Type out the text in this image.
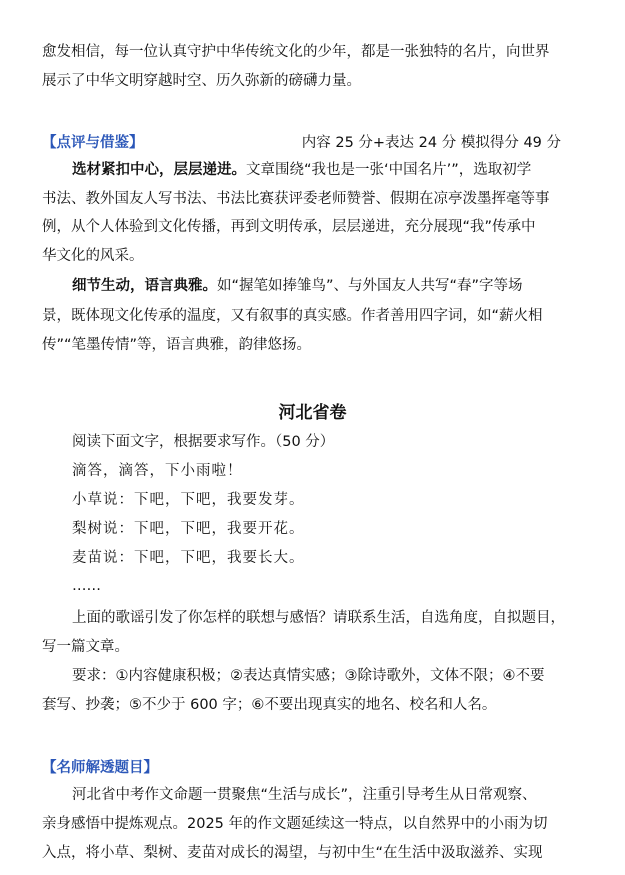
愈发相信，每一位认真守护中华传统文化的少年，都是一张独特的名片，向世界
展示了中华文明穿越时空、历久弥新的磅礴力量。
【点评与借鉴】	内容 25 分+表达 24 分 模拟得分 49 分
选材紧扣中心，层层递进。文章围绕“我也是一张‘中国名片’”，选取初学
书法、教外国友人写书法、书法比赛获评委老师赞誉、假期在凉亭泼墨挥毫等事
例，从个人体验到文化传播，再到文明传承，层层递进，充分展现“我”传承中
华文化的风采。
细节生动，语言典雅。如“握笔如捧雏鸟”、与外国友人共写“春”字等场
景，既体现文化传承的温度，又有叙事的真实感。作者善用四字词，如“薪火相
传”“笔墨传情”等，语言典雅，韵律悠扬。
河北省卷
阅读下面文字，根据要求写作。（50 分）
滴答，滴答，下小雨啦！
小草说：下吧，下吧，我要发芽。
梨树说：下吧，下吧，我要开花。
麦苗说：下吧，下吧，我要长大。
……
上面的歌谣引发了你怎样的联想与感悟？请联系生活，自选角度，自拟题目，
写一篇文章。
要求：①内容健康积极；②表达真情实感；③除诗歌外，文体不限；④不要
套写、抄袭；⑤不少于 600 字；⑥不要出现真实的地名、校名和人名。
【名师解透题目】
河北省中考作文命题一贯聚焦“生活与成长”，注重引导考生从日常观察、
亲身感悟中提炼观点。2025 年的作文题延续这一特点，以自然界中的小雨为切
入点，将小草、梨树、麦苗对成长的渴望，与初中生“在生活中汲取滋养、实现
